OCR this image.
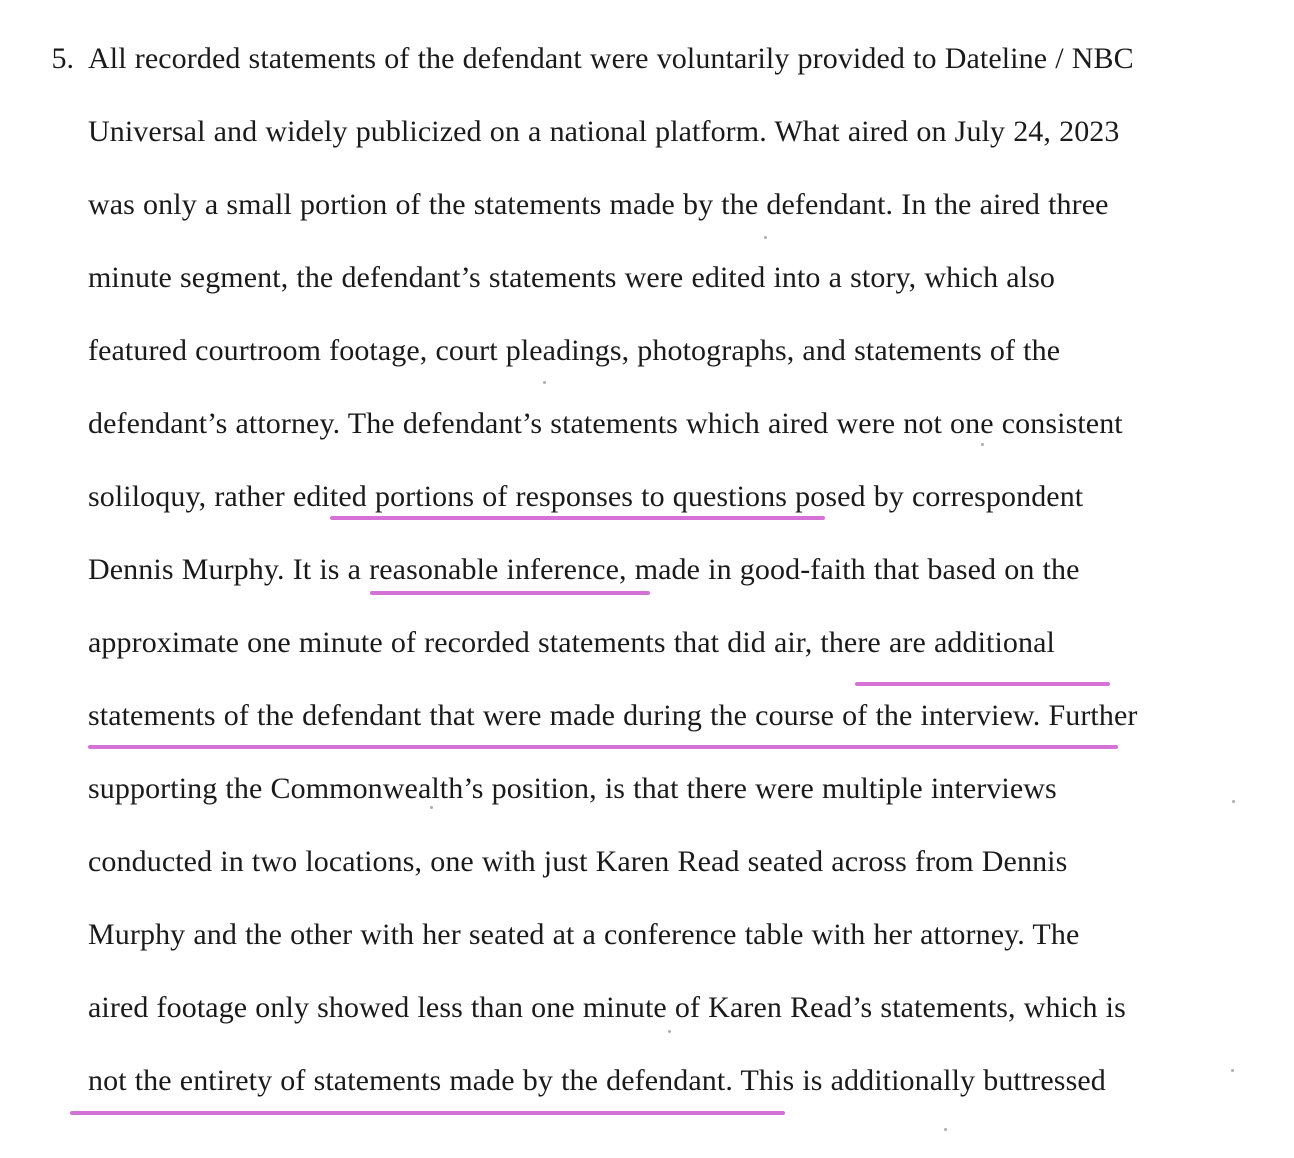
5. All recorded statements of the defendant were voluntarily provided to Dateline / NBC
Universal and widely publicized on a national platform. What aired on July 24, 2023
was only a small portion of the statements made by the defendant. In the aired three
minute segment, the defendant’s statements were edited into a story, which also
featured courtroom footage, court pleadings, photographs, and statements of the
defendant’s attorney. The defendant’s statements which aired were not one consistent
soliloquy, rather edited portions of responses to questions posed by correspondent
Dennis Murphy. It is a reasonable inference, made in good-faith that based on the
approximate one minute of recorded statements that did air, there are additional
statements of the defendant that were made during the course of the interview. Further
supporting the Commonwealth’s position, is that there were multiple interviews
conducted in two locations, one with just Karen Read seated across from Dennis
Murphy and the other with her seated at a conference table with her attorney. The
aired footage only showed less than one minute of Karen Read’s statements, which is
not the entirety of statements made by the defendant. This is additionally buttressed
